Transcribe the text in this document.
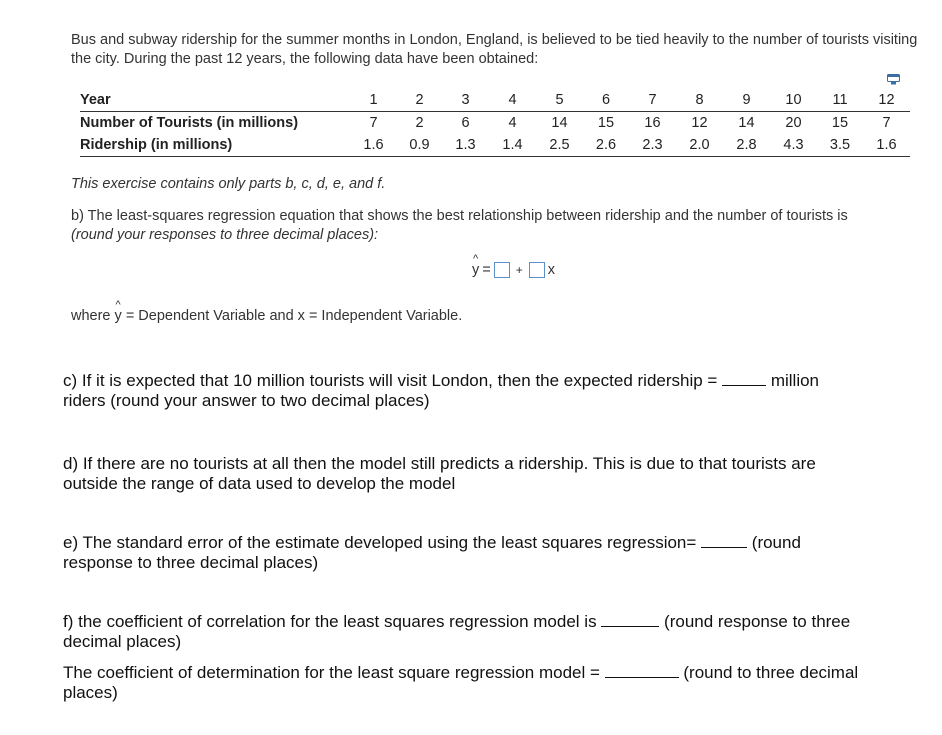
Bus and subway ridership for the summer months in London, England, is believed to be tied heavily to the number of tourists visiting the city. During the past 12 years, the following data have been obtained:
Year	1	2	3	4	5	6	7	8	9	10	11	12
Number of Tourists (in millions)	7	2	6	4	14	15	16	12	14	20	15	7
Ridership (in millions)	1.6	0.9	1.3	1.4	2.5	2.6	2.3	2.0	2.8	4.3	3.5	1.6
This exercise contains only parts b, c, d, e, and f.
b) The least-squares regression equation that shows the best relationship between ridership and the number of tourists is
(round your responses to three decimal places):
^
y = + x
where
^
y = Dependent Variable and x = Independent Variable.
c) If it is expected that 10 million tourists will visit London, then the expected ridership =	million riders (round your answer to two decimal places)
d) If there are no tourists at all then the model still predicts a ridership. This is due to that tourists are outside the range of data used to develop the model
e) The standard error of the estimate developed using the least squares regression=	(round response to three decimal places)
f) the coefficient of correlation for the least squares regression model is	(round response to three decimal places)
The coefficient of determination for the least square regression model =	(round to three decimal places)
